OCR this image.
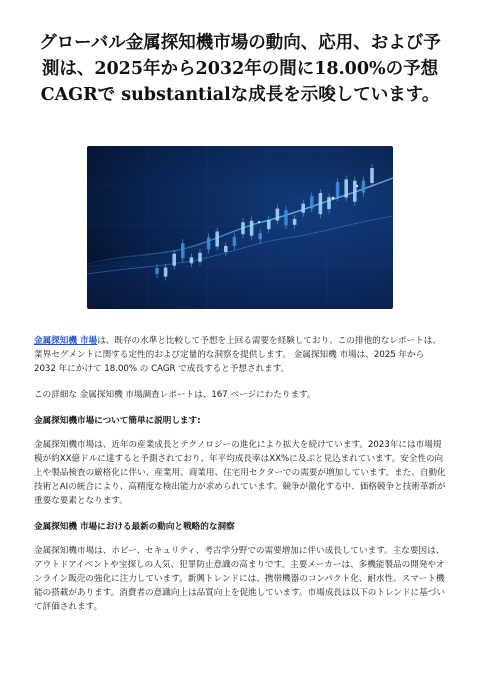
グローバル金属探知機市場の動向、応用、および予測は、2025年から2032年の間に18.00%の予想CAGRで substantialな成長を示唆しています。

金属探知機 市場は、既存の水準と比較して予想を上回る需要を経験しており、この排他的なレポートは、業界セグメントに関する定性的および定量的な洞察を提供します。 金属探知機 市場は、2025 年から 2032 年にかけて 18.00% の CAGR で成長すると予想されます。

この詳細な 金属探知機 市場調査レポートは、167 ページにわたります。

金属探知機市場について簡単に説明します:

金属探知機市場は、近年の産業成長とテクノロジーの進化により拡大を続けています。2023年には市場規模が約XX億ドルに達すると予測されており、年平均成長率はXX%に及ぶと見込まれています。安全性の向上や製品検査の厳格化に伴い、産業用、商業用、住宅用セクターでの需要が増加しています。また、自動化技術とAIの統合により、高精度な検出能力が求められています。競争が激化する中、価格競争と技術革新が重要な要素となります。

金属探知機 市場における最新の動向と戦略的な洞察

金属探知機市場は、ホビー、セキュリティ、考古学分野での需要増加に伴い成長しています。主な要因は、アウトドアイベントや宝探しの人気、犯罪防止意識の高まりです。主要メーカーは、多機能製品の開発やオンライン販売の強化に注力しています。新興トレンドには、携帯機器のコンパクト化、耐水性、スマート機能の搭載があります。消費者の意識向上は品質向上を促進しています。市場成長は以下のトレンドに基づいて評価されます。
